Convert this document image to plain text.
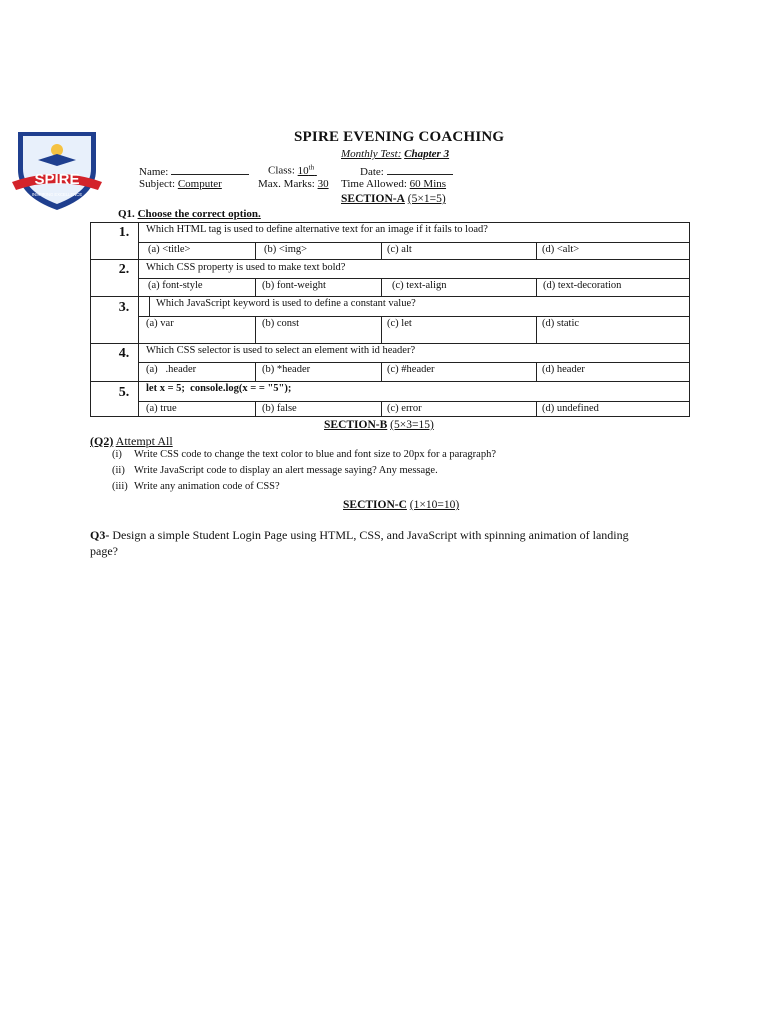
SPIRE
INSPIRING EXCELLENCE
SPIRE EVENING COACHING
Monthly Test: Chapter 3
Name:	Class: 10th	Date:
Subject: Computer	Max. Marks: 30 Time Allowed: 60 Mins
SECTION-A (5×1=5)
Q1. Choose the correct option.
1.	Which HTML tag is used to define alternative text for an image if it fails to load?
(a) <title>	(b) <img>	(c) alt	(d) <alt>
2.	Which CSS property is used to make text bold?
(a) font-style	(b) font-weight	(c) text-align	(d) text-decoration
3.	Which JavaScript keyword is used to define a constant value?
(a) var	(b) const	(c) let	(d) static
4.	Which CSS selector is used to select an element with id header?
(a)   .header	(b) *header	(c) #header	(d) header
5.	let x = 5;  console.log(x = = "5");
(a) true	(b) false	(c) error	(d) undefined
SECTION-B (5×3=15)
(Q2) Attempt All
(i) Write CSS code to change the text color to blue and font size to 20px for a paragraph?
(ii) Write JavaScript code to display an alert message saying? Any message.
(iii) Write any animation code of CSS?
SECTION-C (1×10=10)
Q3- Design a simple Student Login Page using HTML, CSS, and JavaScript with spinning animation of landing
page?
